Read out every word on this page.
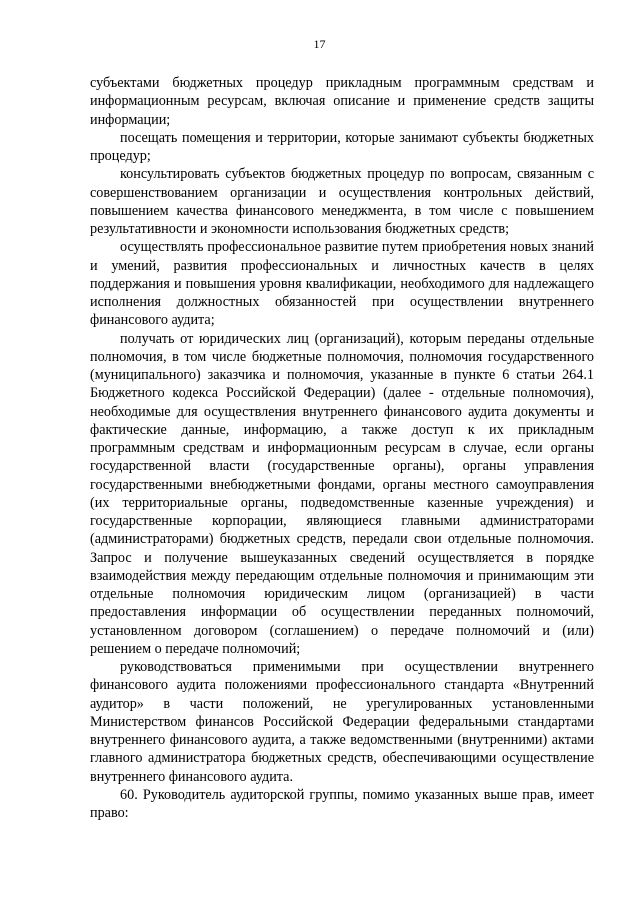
17

субъектами бюджетных процедур прикладным программным средствам и информационным ресурсам, включая описание и применение средств защиты информации;

посещать помещения и территории, которые занимают субъекты бюджетных процедур;

консультировать субъектов бюджетных процедур по вопросам, связанным с совершенствованием организации и осуществления контрольных действий, повышением качества финансового менеджмента, в том числе с повышением результативности и экономности использования бюджетных средств;

осуществлять профессиональное развитие путем приобретения новых знаний и умений, развития профессиональных и личностных качеств в целях поддержания и повышения уровня квалификации, необходимого для надлежащего исполнения должностных обязанностей при осуществлении внутреннего финансового аудита;

получать от юридических лиц (организаций), которым переданы отдельные полномочия, в том числе бюджетные полномочия, полномочия государственного (муниципального) заказчика и полномочия, указанные в пункте 6 статьи 264.1 Бюджетного кодекса Российской Федерации) (далее - отдельные полномочия), необходимые для осуществления внутреннего финансового аудита документы и фактические данные, информацию, а также доступ к их прикладным программным средствам и информационным ресурсам в случае, если органы государственной власти (государственные органы), органы управления государственными внебюджетными фондами, органы местного самоуправления (их территориальные органы, подведомственные казенные учреждения) и государственные корпорации, являющиеся главными администраторами (администраторами) бюджетных средств, передали свои отдельные полномочия. Запрос и получение вышеуказанных сведений осуществляется в порядке взаимодействия между передающим отдельные полномочия и принимающим эти отдельные полномочия юридическим лицом (организацией) в части предоставления информации об осуществлении переданных полномочий, установленном договором (соглашением) о передаче полномочий и (или) решением о передаче полномочий;

руководствоваться применимыми при осуществлении внутреннего финансового аудита положениями профессионального стандарта «Внутренний аудитор» в части положений, не урегулированных установленными Министерством финансов Российской Федерации федеральными стандартами внутреннего финансового аудита, а также ведомственными (внутренними) актами главного администратора бюджетных средств, обеспечивающими осуществление внутреннего финансового аудита.

60. Руководитель аудиторской группы, помимо указанных выше прав, имеет право:
